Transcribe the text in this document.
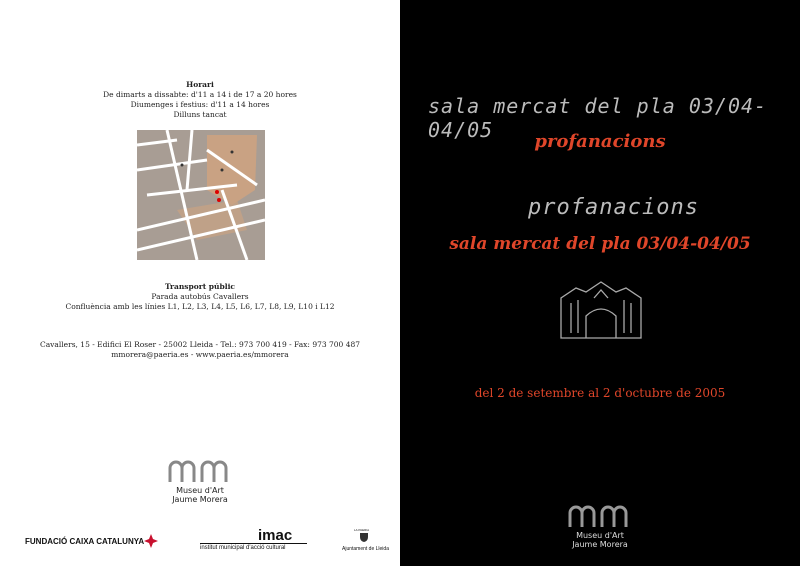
Horari
De dimarts a dissabte: d'11 a 14 i de 17 a 20 hores
Diumenges i festius: d'11 a 14 hores
Dilluns tancat
Transport públic
Parada autobús Cavallers
Confluència amb les línies L1, L2, L3, L4, L5, L6, L7, L8, L9, L10 i L12
Cavallers, 15 - Edifici El Roser - 25002 Lleida - Tel.: 973 700 419 - Fax: 973 700 487
mmorera@paeria.es - www.paeria.es/mmorera
Museu d'Art
Jaume Morera
FUNDACIÓ CAIXA CATALUNYA	imac
institut municipal d'acció cultural
LA PAERIA
Ajuntament de Lleida
sala mercat del pla 03/04-04/05	profanacions
profanacions
sala mercat del pla 03/04-04/05
del 2 de setembre al 2 d'octubre de 2005
Museu d'Art
Jaume Morera
